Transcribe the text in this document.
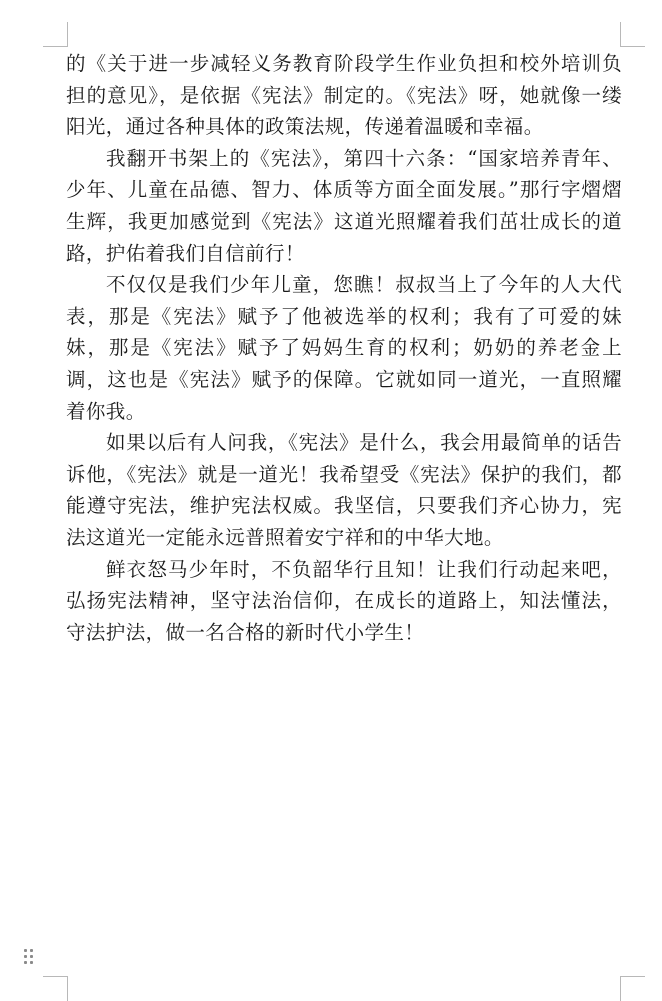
的《关于进一步减轻义务教育阶段学生作业负担和校外培训负担的意见》，是依据《宪法》制定的。《宪法》呀，她就像一缕阳光，通过各种具体的政策法规，传递着温暖和幸福。

我翻开书架上的《宪法》，第四十六条：“国家培养青年、少年、儿童在品德、智力、体质等方面全面发展。”那行字熠熠生辉，我更加感觉到《宪法》这道光照耀着我们茁壮成长的道路，护佑着我们自信前行！

不仅仅是我们少年儿童，您瞧！叔叔当上了今年的人大代表，那是《宪法》赋予了他被选举的权利；我有了可爱的妹妹，那是《宪法》赋予了妈妈生育的权利；奶奶的养老金上调，这也是《宪法》赋予的保障。它就如同一道光，一直照耀着你我。

如果以后有人问我，《宪法》是什么，我会用最简单的话告诉他，《宪法》就是一道光！我希望受《宪法》保护的我们，都能遵守宪法，维护宪法权威。我坚信，只要我们齐心协力，宪法这道光一定能永远普照着安宁祥和的中华大地。

鲜衣怒马少年时，不负韶华行且知！让我们行动起来吧，弘扬宪法精神，坚守法治信仰，在成长的道路上，知法懂法，守法护法，做一名合格的新时代小学生！
